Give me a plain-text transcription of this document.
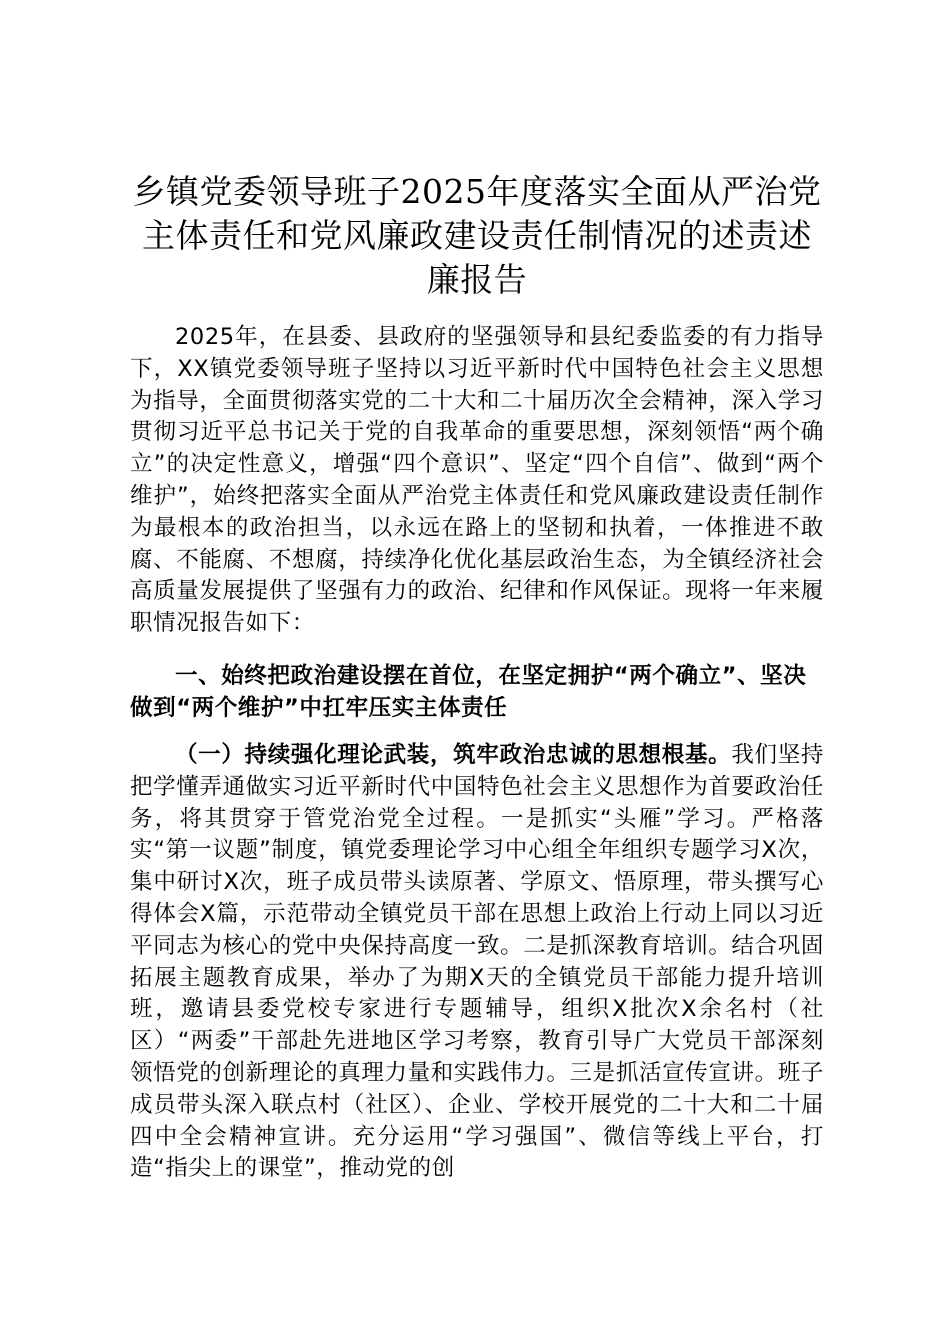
乡镇党委领导班子2025年度落实全面从严治党主体责任和党风廉政建设责任制情况的述责述廉报告

2025年，在县委、县政府的坚强领导和县纪委监委的有力指导下，XX镇党委领导班子坚持以习近平新时代中国特色社会主义思想为指导，全面贯彻落实党的二十大和二十届历次全会精神，深入学习贯彻习近平总书记关于党的自我革命的重要思想，深刻领悟“两个确立”的决定性意义，增强“四个意识”、坚定“四个自信”、做到“两个维护”，始终把落实全面从严治党主体责任和党风廉政建设责任制作为最根本的政治担当，以永远在路上的坚韧和执着，一体推进不敢腐、不能腐、不想腐，持续净化优化基层政治生态，为全镇经济社会高质量发展提供了坚强有力的政治、纪律和作风保证。现将一年来履职情况报告如下：

一、始终把政治建设摆在首位，在坚定拥护“两个确立”、坚决做到“两个维护”中扛牢压实主体责任

（一）持续强化理论武装，筑牢政治忠诚的思想根基。我们坚持把学懂弄通做实习近平新时代中国特色社会主义思想作为首要政治任务，将其贯穿于管党治党全过程。一是抓实“头雁”学习。严格落实“第一议题”制度，镇党委理论学习中心组全年组织专题学习X次，集中研讨X次，班子成员带头读原著、学原文、悟原理，带头撰写心得体会X篇，示范带动全镇党员干部在思想上政治上行动上同以习近平同志为核心的党中央保持高度一致。二是抓深教育培训。结合巩固拓展主题教育成果，举办了为期X天的全镇党员干部能力提升培训班，邀请县委党校专家进行专题辅导，组织X批次X余名村（社区）“两委”干部赴先进地区学习考察，教育引导广大党员干部深刻领悟党的创新理论的真理力量和实践伟力。三是抓活宣传宣讲。班子成员带头深入联点村（社区）、企业、学校开展党的二十大和二十届四中全会精神宣讲。充分运用“学习强国”、微信等线上平台，打造“指尖上的课堂”，推动党的创
